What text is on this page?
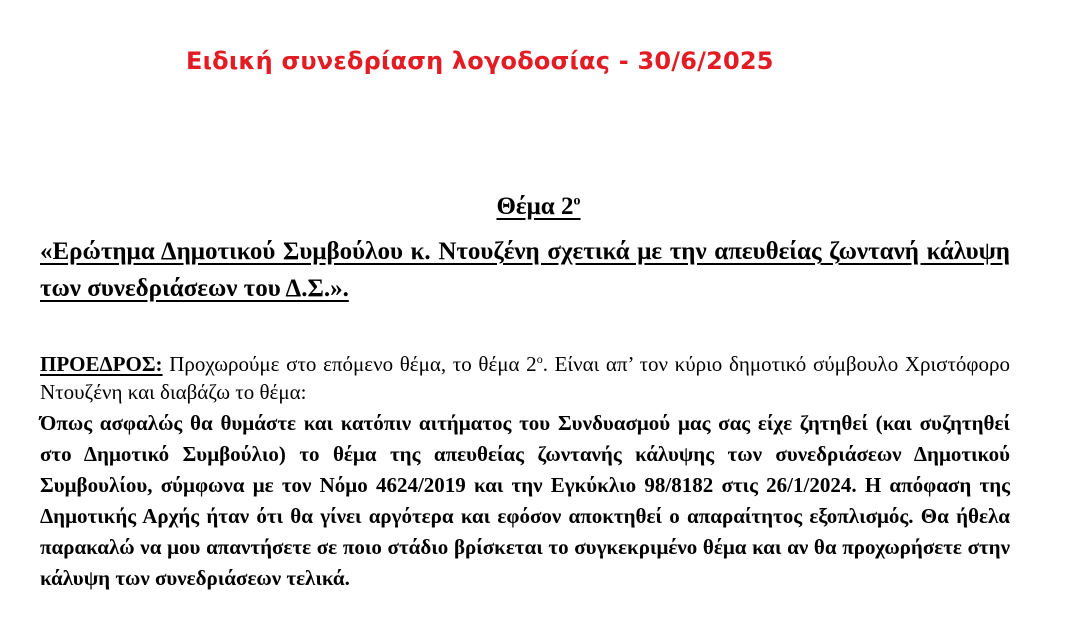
Ειδική συνεδρίαση λογοδοσίας - 30/6/2025
Θέμα $2^o$
«Ερώτημα Δημοτικού Συμβούλου κ. Ντουζένη σχετικά με την απευθείας ζωντανή κάλυψη των συνεδριάσεων του Δ.Σ.».
ΠΡΟΕΔΡΟΣ: Προχωρούμε στο επόμενο θέμα, το θέμα $2^o$. Είναι απ’ τον κύριο δημοτικό σύμβουλο Χριστόφορο Ντουζένη και διαβάζω το θέμα:
Όπως ασφαλώς θα θυμάστε και κατόπιν αιτήματος του Συνδυασμού μας σας είχε ζητηθεί (και συζητηθεί στο Δημοτικό Συμβούλιο) το θέμα της απευθείας ζωντανής κάλυψης των συνεδριάσεων Δημοτικού Συμβουλίου, σύμφωνα με τον Νόμο 4624/2019 και την Εγκύκλιο 98/8182 στις 26/1/2024. Η απόφαση της Δημοτικής Αρχής ήταν ότι θα γίνει αργότερα και εφόσον αποκτηθεί ο απαραίτητος εξοπλισμός. Θα ήθελα παρακαλώ να μου απαντήσετε σε ποιο στάδιο βρίσκεται το συγκεκριμένο θέμα και αν θα προχωρήσετε στην κάλυψη των συνεδριάσεων τελικά.
